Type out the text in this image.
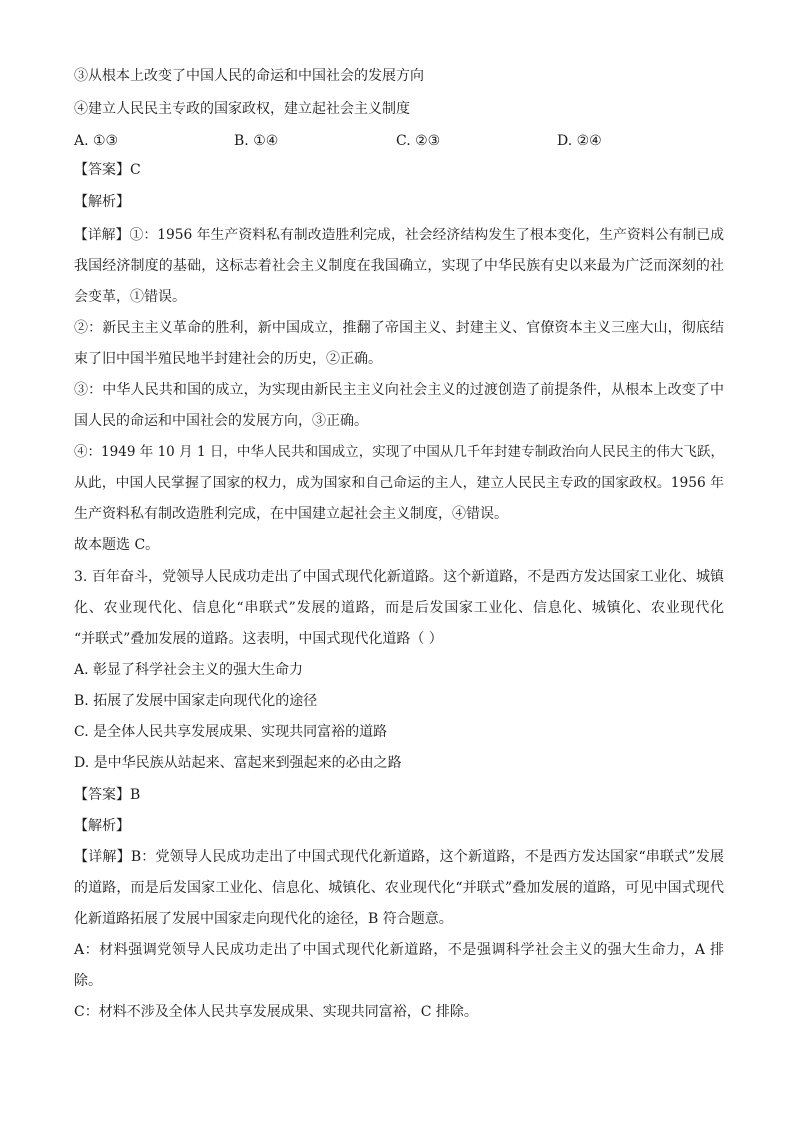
③从根本上改变了中国人民的命运和中国社会的发展方向
④建立人民民主专政的国家政权，建立起社会主义制度
A. ①③	B. ①④	C. ②③	D. ②④
【答案】C
【解析】
【详解】①：1956 年生产资料私有制改造胜利完成，社会经济结构发生了根本变化，生产资料公有制已成
我国经济制度的基础，这标志着社会主义制度在我国确立，实现了中华民族有史以来最为广泛而深刻的社
会变革，①错误。
②：新民主主义革命的胜利，新中国成立，推翻了帝国主义、封建主义、官僚资本主义三座大山，彻底结
束了旧中国半殖民地半封建社会的历史，②正确。
③：中华人民共和国的成立，为实现由新民主主义向社会主义的过渡创造了前提条件，从根本上改变了中
国人民的命运和中国社会的发展方向，③正确。
④：1949 年 10 月 1 日，中华人民共和国成立，实现了中国从几千年封建专制政治向人民民主的伟大飞跃，
从此，中国人民掌握了国家的权力，成为国家和自己命运的主人，建立人民民主专政的国家政权。1956 年
生产资料私有制改造胜利完成，在中国建立起社会主义制度，④错误。
故本题选 C。
3. 百年奋斗，党领导人民成功走出了中国式现代化新道路。这个新道路，不是西方发达国家工业化、城镇
化、农业现代化、信息化“串联式”发展的道路，而是后发国家工业化、信息化、城镇化、农业现代化
“并联式”叠加发展的道路。这表明，中国式现代化道路（ ）
A. 彰显了科学社会主义的强大生命力
B. 拓展了发展中国家走向现代化的途径
C. 是全体人民共享发展成果、实现共同富裕的道路
D. 是中华民族从站起来、富起来到强起来的必由之路
【答案】B
【解析】
【详解】B：党领导人民成功走出了中国式现代化新道路，这个新道路，不是西方发达国家“串联式”发展
的道路，而是后发国家工业化、信息化、城镇化、农业现代化“并联式”叠加发展的道路，可见中国式现代
化新道路拓展了发展中国家走向现代化的途径，B 符合题意。
A：材料强调党领导人民成功走出了中国式现代化新道路，不是强调科学社会主义的强大生命力，A 排
除。
C：材料不涉及全体人民共享发展成果、实现共同富裕，C 排除。
